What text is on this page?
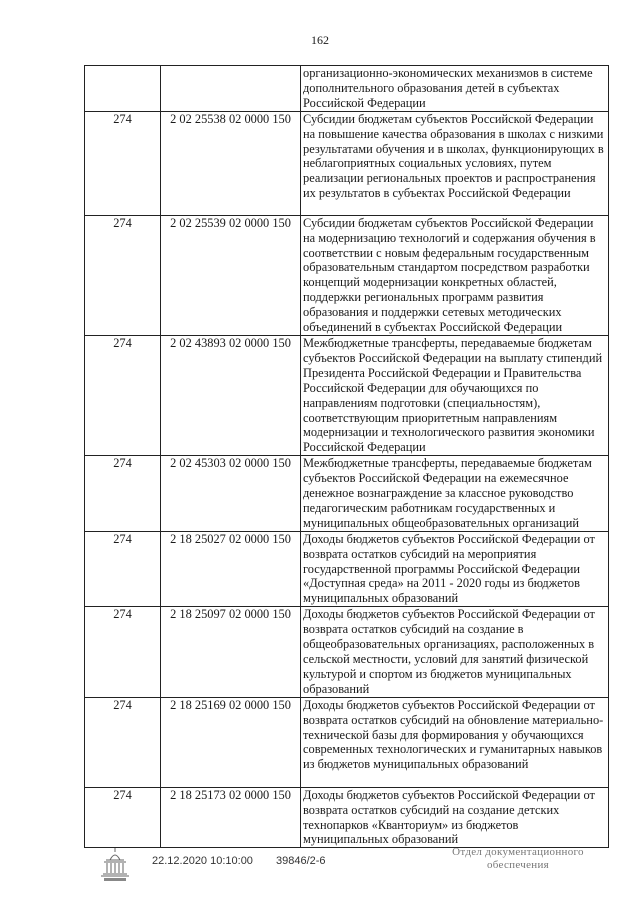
162
		организационно-экономических механизмов в системе дополнительного образования детей в субъектах Российской Федерации
274	2 02 25538 02 0000 150	Субсидии бюджетам субъектов Российской Федерации на повышение качества образования в школах с низкими результатами обучения и в школах, функционирующих в неблагоприятных социальных условиях, путем реализации региональных проектов и распространения их результатов в субъектах Российской Федерации
274	2 02 25539 02 0000 150	Субсидии бюджетам субъектов Российской Федерации на модернизацию технологий и содержания обучения в соответствии с новым федеральным государственным образовательным стандартом посредством разработки концепций модернизации конкретных областей, поддержки региональных программ развития образования и поддержки сетевых методических объединений в субъектах Российской Федерации
274	2 02 43893 02 0000 150	Межбюджетные трансферты, передаваемые бюджетам субъектов Российской Федерации на выплату стипендий Президента Российской Федерации и Правительства Российской Федерации для обучающихся по направлениям подготовки (специальностям), соответствующим приоритетным направлениям модернизации и технологического развития экономики Российской Федерации
274	2 02 45303 02 0000 150	Межбюджетные трансферты, передаваемые бюджетам субъектов Российской Федерации на ежемесячное денежное вознаграждение за классное руководство педагогическим работникам государственных и муниципальных общеобразовательных организаций
274	2 18 25027 02 0000 150	Доходы бюджетов субъектов Российской Федерации от возврата остатков субсидий на мероприятия государственной программы Российской Федерации «Доступная среда» на 2011 - 2020 годы из бюджетов муниципальных образований
274	2 18 25097 02 0000 150	Доходы бюджетов субъектов Российской Федерации от возврата остатков субсидий на создание в общеобразовательных организациях, расположенных в сельской местности, условий для занятий физической культурой и спортом из бюджетов муниципальных образований
274	2 18 25169 02 0000 150	Доходы бюджетов субъектов Российской Федерации от возврата остатков субсидий на обновление материально-технической базы для формирования у обучающихся современных технологических и гуманитарных навыков из бюджетов муниципальных образований
274	2 18 25173 02 0000 150	Доходы бюджетов субъектов Российской Федерации от возврата остатков субсидий на создание детских технопарков «Кванториум» из бюджетов муниципальных образований
22.12.2020 10:10:00 39846/2-6
Отдел документационного
обеспечения
